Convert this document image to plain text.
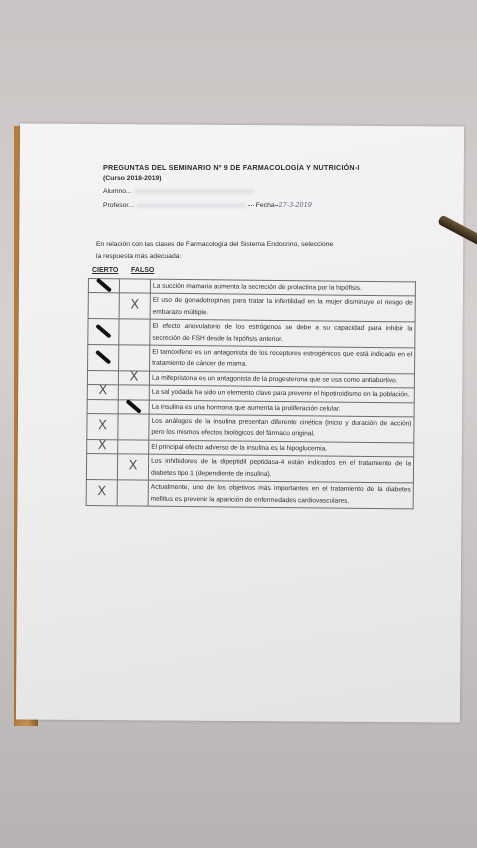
PREGUNTAS DEL SEMINARIO Nº 9 DE FARMACOLOGÍA Y NUTRICIÓN-I
(Curso 2018-2019)
Alumno...
Profesor...	Fecha 27-3-2019
En relación con las clases de Farmacología del Sistema Endocrino, seleccione
la respuesta más adecuada:
CIERTO FALSO
		La succión mamaria aumenta la secreción de prolactina por la hipófisis.
	X	El uso de gonadotropinas para tratar la infertilidad en la mujer disminuye el riesgo de embarazo múltiple.
		El efecto anovulatorio de los estrógenos se debe a su capacidad para inhibir la secreción de FSH desde la hipófisis anterior.
		El tamoxifeno es un antagonista de los receptores estrogénicos que está indicado en el tratamiento de cáncer de mama.
	X	La mifepristona es un antagonista de la progesterona que se usa como antiabortivo.
X		La sal yodada ha sido un elemento clave para prevenir el hipotiroidismo en la población.
		La insulina es una hormona que aumenta la proliferación celular.
X		Los análogos de la insulina presentan diferente cinética (inicio y duración de acción) pero los mismos efectos biológicos del fármaco original.
X		El principal efecto adverso de la insulina es la hipoglucemia.
	X	Los inhibidores de la dipeptidil peptidasa-4 están indicados en el tratamiento de la diabetes tipo 1 (dependiente de insulina).
X		Actualmente, uno de los objetivos más importantes en el tratamiento de la diabetes mellitus es prevenir la aparición de enfermedades cardiovasculares.
